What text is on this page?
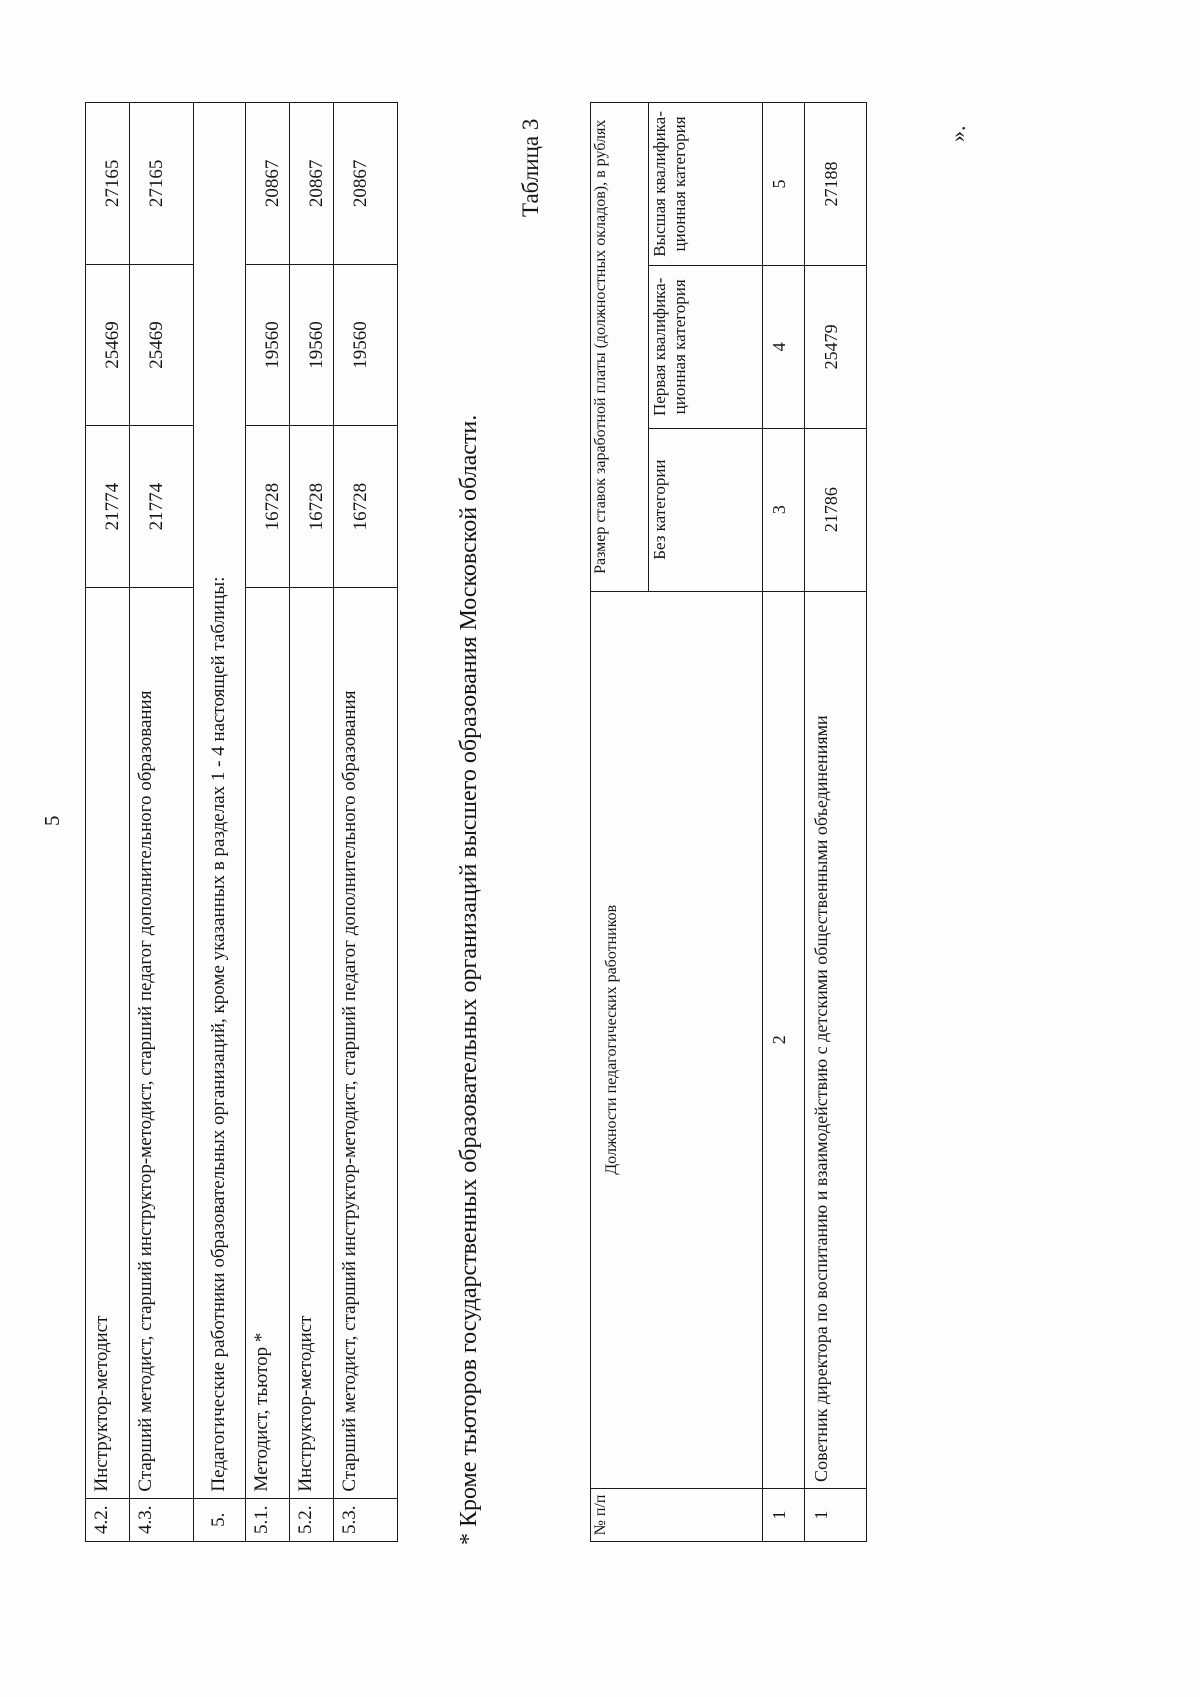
5
4.2.	Инструктор-методист	21774	25469	27165
4.3.	Старший методист, старший инструктор-методист, старший педагог дополнительного образования	21774	25469	27165
5.	Педагогические работники образовательных организаций, кроме указанных в разделах 1 - 4 настоящей таблицы:			
5.1.	Методист, тьютор *	16728	19560	20867
5.2.	Инструктор-методист	16728	19560	20867
5.3.	Старший методист, старший инструктор-методист, старший педагог дополнительного образования	16728	19560	20867
* Кроме тьюторов государственных образовательных организаций высшего образования Московской области.
Таблица 3
№ п/п	Должности педагогических работников	Размер ставок заработной платы (должностных окладов), в рублях		
		Без категории	Первая квалифика-ционная категория	Высшая квалифика-ционная категория
1	2	3	4	5
1	Советник директора по воспитанию и взаимодействию с детскими общественными объединениями	21786	25479	27188
».
